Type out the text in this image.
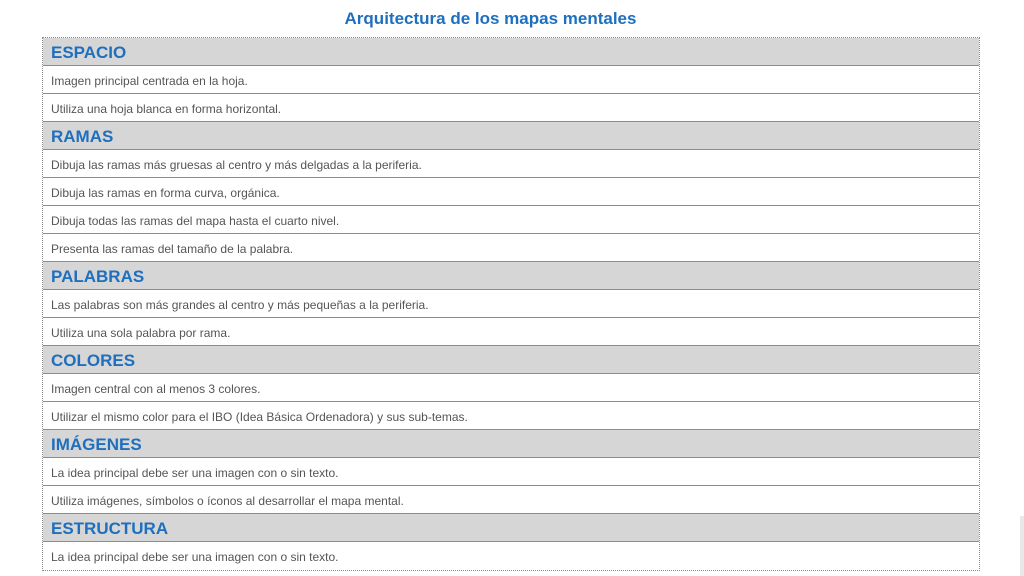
Arquitectura de los mapas mentales
ESPACIO
Imagen principal centrada en la hoja.
Utiliza una hoja blanca en forma horizontal.
RAMAS
Dibuja las ramas más gruesas al centro y más delgadas a la periferia.
Dibuja las ramas en forma curva, orgánica.
Dibuja todas las ramas del mapa hasta el cuarto nivel.
Presenta las ramas del tamaño de la palabra.
PALABRAS
Las palabras son más grandes al centro y más pequeñas a la periferia.
Utiliza una sola palabra por rama.
COLORES
Imagen central con al menos 3 colores.
Utilizar el mismo color para el IBO (Idea Básica Ordenadora) y sus sub-temas.
IMÁGENES
La idea principal debe ser una imagen con o sin texto.
Utiliza imágenes, símbolos o íconos al desarrollar el mapa mental.
ESTRUCTURA
La idea principal debe ser una imagen con o sin texto.
